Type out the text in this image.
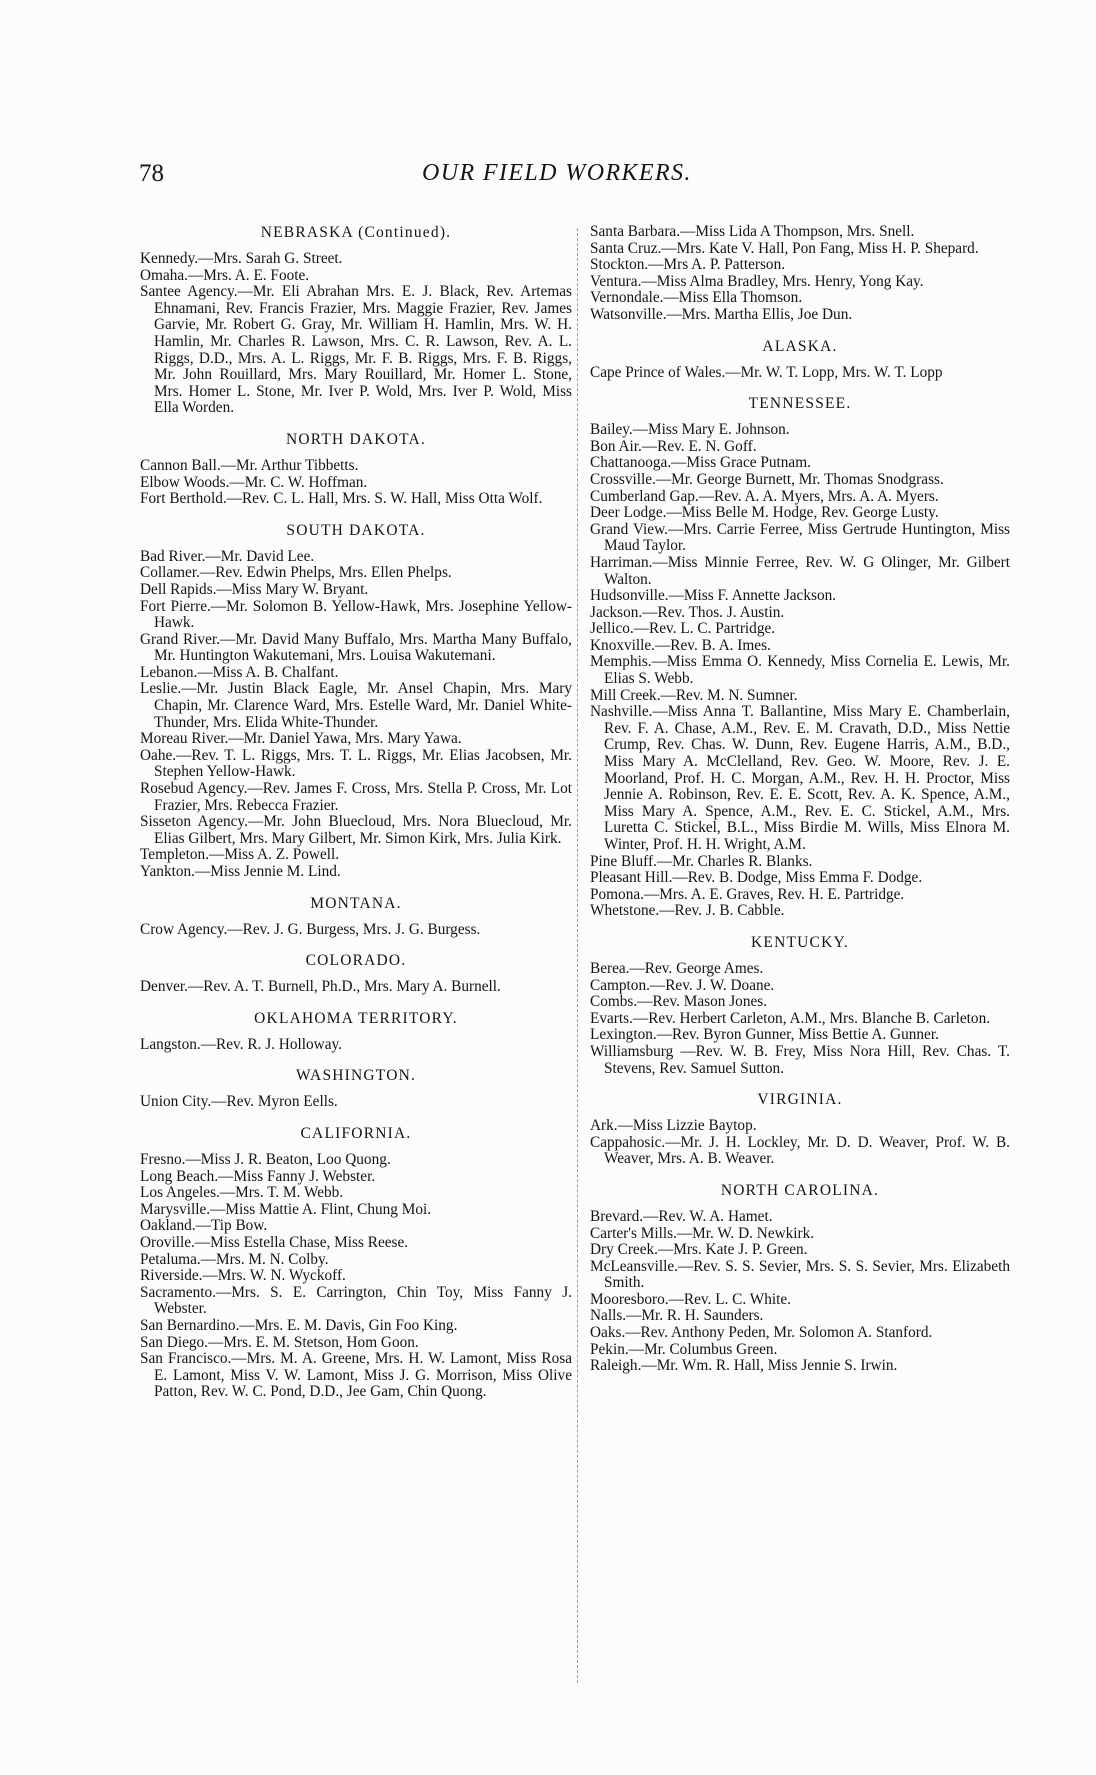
78	OUR FIELD WORKERS.
NEBRASKA (Continued).

Kennedy.—Mrs. Sarah G. Street.

Omaha.—Mrs. A. E. Foote.

Santee Agency.—Mr. Eli Abrahan Mrs. E. J. Black, Rev. Artemas Ehnamani, Rev. Francis Frazier, Mrs. Maggie Frazier, Rev. James Garvie, Mr. Robert G. Gray, Mr. William H. Hamlin, Mrs. W. H. Hamlin, Mr. Charles R. Lawson, Mrs. C. R. Lawson, Rev. A. L. Riggs, D.D., Mrs. A. L. Riggs, Mr. F. B. Riggs, Mrs. F. B. Riggs, Mr. John Rouillard, Mrs. Mary Rouillard, Mr. Homer L. Stone, Mrs. Homer L. Stone, Mr. Iver P. Wold, Mrs. Iver P. Wold, Miss Ella Worden.

NORTH DAKOTA.

Cannon Ball.—Mr. Arthur Tibbetts.

Elbow Woods.—Mr. C. W. Hoffman.

Fort Berthold.—Rev. C. L. Hall, Mrs. S. W. Hall, Miss Otta Wolf.

SOUTH DAKOTA.

Bad River.—Mr. David Lee.

Collamer.—Rev. Edwin Phelps, Mrs. Ellen Phelps.

Dell Rapids.—Miss Mary W. Bryant.

Fort Pierre.—Mr. Solomon B. Yellow-Hawk, Mrs. Josephine Yellow-Hawk.

Grand River.—Mr. David Many Buffalo, Mrs. Martha Many Buffalo, Mr. Huntington Wakutemani, Mrs. Louisa Wakutemani.

Lebanon.—Miss A. B. Chalfant.

Leslie.—Mr. Justin Black Eagle, Mr. Ansel Chapin, Mrs. Mary Chapin, Mr. Clarence Ward, Mrs. Estelle Ward, Mr. Daniel White-Thunder, Mrs. Elida White-Thunder.

Moreau River.—Mr. Daniel Yawa, Mrs. Mary Yawa.

Oahe.—Rev. T. L. Riggs, Mrs. T. L. Riggs, Mr. Elias Jacobsen, Mr. Stephen Yellow-Hawk.

Rosebud Agency.—Rev. James F. Cross, Mrs. Stella P. Cross, Mr. Lot Frazier, Mrs. Rebecca Frazier.

Sisseton Agency.—Mr. John Bluecloud, Mrs. Nora Bluecloud, Mr. Elias Gilbert, Mrs. Mary Gilbert, Mr. Simon Kirk, Mrs. Julia Kirk.

Templeton.—Miss A. Z. Powell.

Yankton.—Miss Jennie M. Lind.

MONTANA.

Crow Agency.—Rev. J. G. Burgess, Mrs. J. G. Burgess.

COLORADO.

Denver.—Rev. A. T. Burnell, Ph.D., Mrs. Mary A. Burnell.

OKLAHOMA TERRITORY.

Langston.—Rev. R. J. Holloway.

WASHINGTON.

Union City.—Rev. Myron Eells.

CALIFORNIA.

Fresno.—Miss J. R. Beaton, Loo Quong.

Long Beach.—Miss Fanny J. Webster.

Los Angeles.—Mrs. T. M. Webb.

Marysville.—Miss Mattie A. Flint, Chung Moi.

Oakland.—Tip Bow.

Oroville.—Miss Estella Chase, Miss Reese.

Petaluma.—Mrs. M. N. Colby.

Riverside.—Mrs. W. N. Wyckoff.

Sacramento.—Mrs. S. E. Carrington, Chin Toy, Miss Fanny J. Webster.

San Bernardino.—Mrs. E. M. Davis, Gin Foo King.

San Diego.—Mrs. E. M. Stetson, Hom Goon.

San Francisco.—Mrs. M. A. Greene, Mrs. H. W. Lamont, Miss Rosa E. Lamont, Miss V. W. Lamont, Miss J. G. Morrison, Miss Olive Patton, Rev. W. C. Pond, D.D., Jee Gam, Chin Quong.

Santa Barbara.—Miss Lida A Thompson, Mrs. Snell.

Santa Cruz.—Mrs. Kate V. Hall, Pon Fang, Miss H. P. Shepard.

Stockton.—Mrs A. P. Patterson.

Ventura.—Miss Alma Bradley, Mrs. Henry, Yong Kay.

Vernondale.—Miss Ella Thomson.

Watsonville.—Mrs. Martha Ellis, Joe Dun.

ALASKA.

Cape Prince of Wales.—Mr. W. T. Lopp, Mrs. W. T. Lopp

TENNESSEE.

Bailey.—Miss Mary E. Johnson.

Bon Air.—Rev. E. N. Goff.

Chattanooga.—Miss Grace Putnam.

Crossville.—Mr. George Burnett, Mr. Thomas Snodgrass.

Cumberland Gap.—Rev. A. A. Myers, Mrs. A. A. Myers.

Deer Lodge.—Miss Belle M. Hodge, Rev. George Lusty.

Grand View.—Mrs. Carrie Ferree, Miss Gertrude Huntington, Miss Maud Taylor.

Harriman.—Miss Minnie Ferree, Rev. W. G Olinger, Mr. Gilbert Walton.

Hudsonville.—Miss F. Annette Jackson.

Jackson.—Rev. Thos. J. Austin.

Jellico.—Rev. L. C. Partridge.

Knoxville.—Rev. B. A. Imes.

Memphis.—Miss Emma O. Kennedy, Miss Cornelia E. Lewis, Mr. Elias S. Webb.

Mill Creek.—Rev. M. N. Sumner.

Nashville.—Miss Anna T. Ballantine, Miss Mary E. Chamberlain, Rev. F. A. Chase, A.M., Rev. E. M. Cravath, D.D., Miss Nettie Crump, Rev. Chas. W. Dunn, Rev. Eugene Harris, A.M., B.D., Miss Mary A. McClelland, Rev. Geo. W. Moore, Rev. J. E. Moorland, Prof. H. C. Morgan, A.M., Rev. H. H. Proctor, Miss Jennie A. Robinson, Rev. E. E. Scott, Rev. A. K. Spence, A.M., Miss Mary A. Spence, A.M., Rev. E. C. Stickel, A.M., Mrs. Luretta C. Stickel, B.L., Miss Birdie M. Wills, Miss Elnora M. Winter, Prof. H. H. Wright, A.M.

Pine Bluff.—Mr. Charles R. Blanks.

Pleasant Hill.—Rev. B. Dodge, Miss Emma F. Dodge.

Pomona.—Mrs. A. E. Graves, Rev. H. E. Partridge.

Whetstone.—Rev. J. B. Cabble.

KENTUCKY.

Berea.—Rev. George Ames.

Campton.—Rev. J. W. Doane.

Combs.—Rev. Mason Jones.

Evarts.—Rev. Herbert Carleton, A.M., Mrs. Blanche B. Carleton.

Lexington.—Rev. Byron Gunner, Miss Bettie A. Gunner.

Williamsburg —Rev. W. B. Frey, Miss Nora Hill, Rev. Chas. T. Stevens, Rev. Samuel Sutton.

VIRGINIA.

Ark.—Miss Lizzie Baytop.

Cappahosic.—Mr. J. H. Lockley, Mr. D. D. Weaver, Prof. W. B. Weaver, Mrs. A. B. Weaver.

NORTH CAROLINA.

Brevard.—Rev. W. A. Hamet.

Carter's Mills.—Mr. W. D. Newkirk.

Dry Creek.—Mrs. Kate J. P. Green.

McLeansville.—Rev. S. S. Sevier, Mrs. S. S. Sevier, Mrs. Elizabeth Smith.

Mooresboro.—Rev. L. C. White.

Nalls.—Mr. R. H. Saunders.

Oaks.—Rev. Anthony Peden, Mr. Solomon A. Stanford.

Pekin.—Mr. Columbus Green.

Raleigh.—Mr. Wm. R. Hall, Miss Jennie S. Irwin.
